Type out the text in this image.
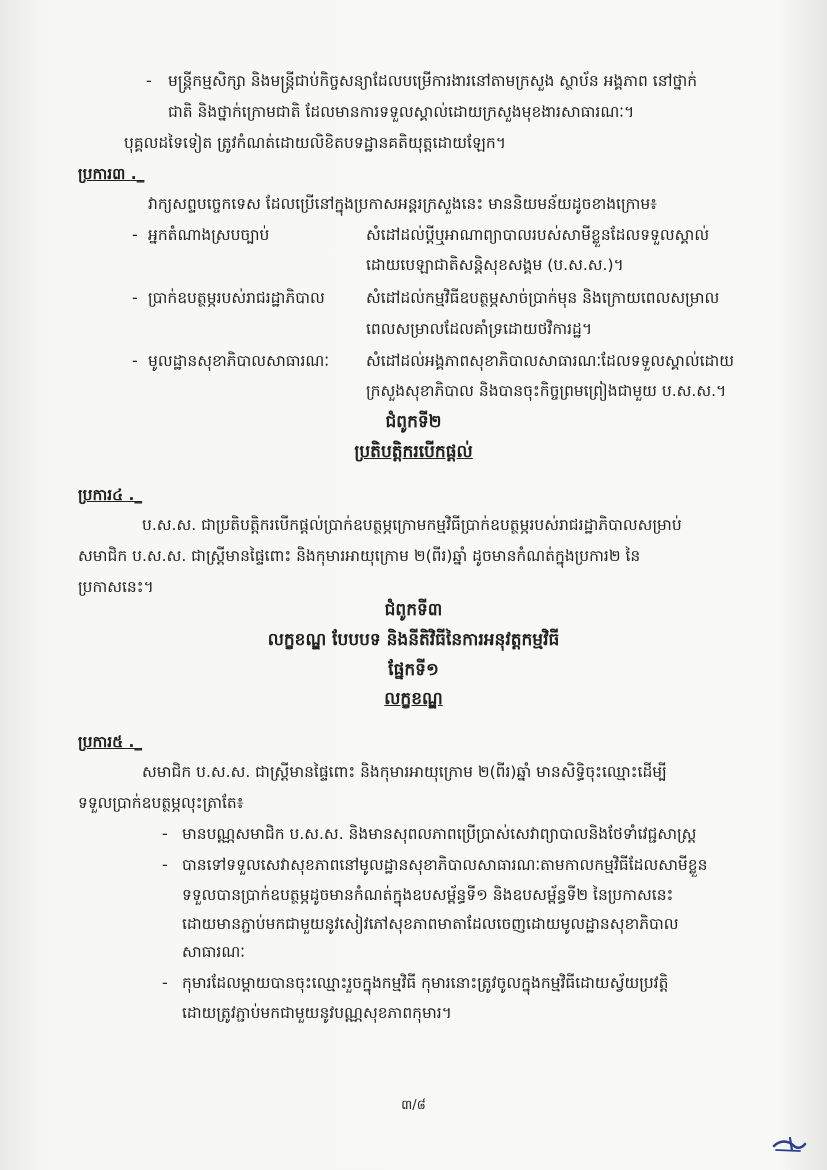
- មន្ត្រីកម្មសិក្សា និងមន្ត្រីជាប់កិច្ចសន្យាដែលបម្រើការងារនៅតាមក្រសួង ស្ថាប័ន អង្គភាព នៅថ្នាក់
ជាតិ និងថ្នាក់ក្រោមជាតិ ដែលមានការទទួលស្គាល់ដោយក្រសួងមុខងារសាធារណៈ។
បុគ្គលដទៃទៀត ត្រូវកំណត់ដោយលិខិតបទដ្ឋានគតិយុត្តដោយឡែក។
ប្រការ៣ ._
វាក្យសព្ទបច្ចេកទេស ដែលប្រើនៅក្នុងប្រកាសអន្តរក្រសួងនេះ មាននិយមន័យដូចខាងក្រោម៖
- អ្នកតំណាងស្របច្បាប់	សំដៅដល់ប្តីឬអាណាព្យាបាលរបស់សាមីខ្លួនដែលទទួលស្គាល់
ដោយបេឡាជាតិសន្តិសុខសង្គម (ប.ស.ស.)។
- ប្រាក់ឧបត្ថម្ភរបស់រាជរដ្ឋាភិបាល	សំដៅដល់កម្មវិធីឧបត្ថម្ភសាច់ប្រាក់មុន និងក្រោយពេលសម្រាល
ពេលសម្រាលដែលគាំទ្រដោយថវិការដ្ឋ។
- មូលដ្ឋានសុខាភិបាលសាធារណៈ សំដៅដល់អង្គភាពសុខាភិបាលសាធារណៈដែលទទួលស្គាល់ដោយ
ក្រសួងសុខាភិបាល និងបានចុះកិច្ចព្រមព្រៀងជាមួយ ប.ស.ស.។
ជំពូកទី២
ប្រតិបត្តិករបើកផ្តល់
ប្រការ៤ ._
ប.ស.ស. ជាប្រតិបត្តិករបើកផ្តល់ប្រាក់ឧបត្ថម្ភក្រោមកម្មវិធីប្រាក់ឧបត្ថម្ភរបស់រាជរដ្ឋាភិបាលសម្រាប់
សមាជិក ប.ស.ស. ជាស្ត្រីមានផ្ទៃពោះ និងកុមារអាយុក្រោម ២(ពីរ)ឆ្នាំ ដូចមានកំណត់ក្នុងប្រការ២ នៃ
ប្រកាសនេះ។
ជំពូកទី៣
លក្ខខណ្ឌ បែបបទ និងនីតិវិធីនៃការអនុវត្តកម្មវិធី
ផ្នែកទី១
លក្ខខណ្ឌ
ប្រការ៥ ._
សមាជិក ប.ស.ស. ជាស្ត្រីមានផ្ទៃពោះ និងកុមារអាយុក្រោម ២(ពីរ)ឆ្នាំ មានសិទ្ធិចុះឈ្មោះដើម្បី
ទទួលប្រាក់ឧបត្ថម្ភលុះត្រាតែ៖
- មានបណ្ណសមាជិក ប.ស.ស. និងមានសុពលភាពប្រើប្រាស់សេវាព្យាបាលនិងថែទាំវេជ្ជសាស្ត្រ
- បានទៅទទួលសេវាសុខភាពនៅមូលដ្ឋានសុខាភិបាលសាធារណៈតាមកាលកម្មវិធីដែលសាមីខ្លួន
ទទួលបានប្រាក់ឧបត្ថម្ភដូចមានកំណត់ក្នុងឧបសម្ព័ន្ធទី១ និងឧបសម្ព័ន្ធទី២ នៃប្រកាសនេះ
ដោយមានភ្ជាប់មកជាមួយនូវសៀវភៅសុខភាពមាតាដែលចេញដោយមូលដ្ឋានសុខាភិបាល
សាធារណៈ
- កុមារដែលម្ដាយបានចុះឈ្មោះរួចក្នុងកម្មវិធី កុមារនោះត្រូវចូលក្នុងកម្មវិធីដោយស្វ័យប្រវត្តិ
ដោយត្រូវភ្ជាប់មកជាមួយនូវបណ្ណសុខភាពកុមារ។
៣/៨
